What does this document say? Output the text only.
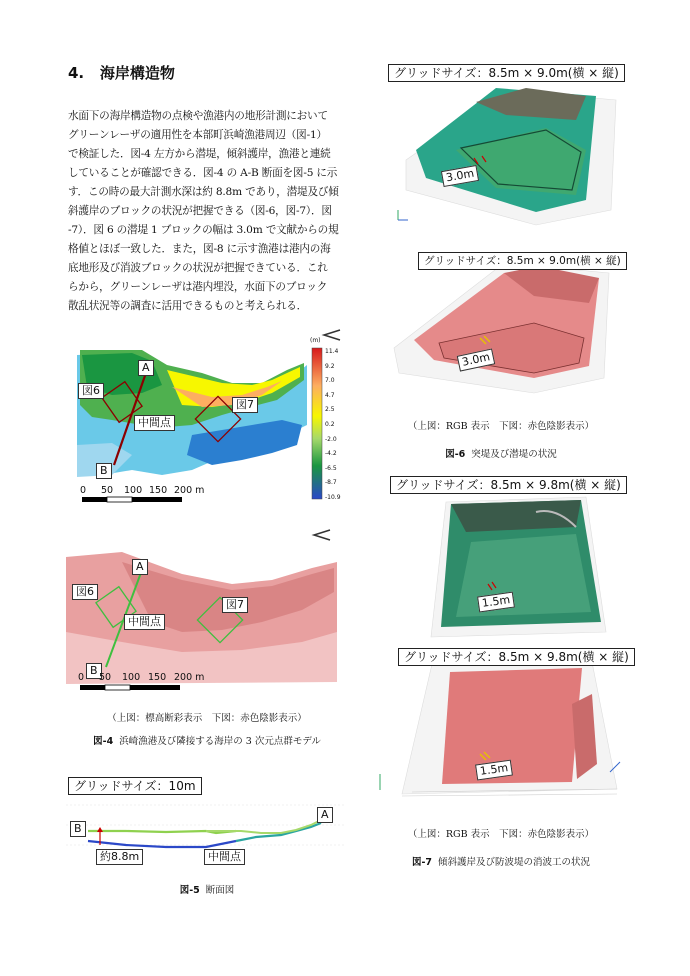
4. 海岸構造物
水面下の海岸構造物の点検や漁港内の地形計測において
グリーンレーザの適用性を本部町浜崎漁港周辺（図-1）
で検証した．図-4 左方から潜堤，傾斜護岸，漁港と連続
していることが確認できる．図-4 の A-B 断面を図-5 に示
す．この時の最大計測水深は約 8.8m であり，潜堤及び傾
斜護岸のブロックの状況が把握できる（図-6，図-7）．図
-7）．図 6 の潜堤 1 ブロックの幅は 3.0m で文献からの規
格値とほぼ一致した．また，図-8 に示す漁港は港内の海
底地形及び消波ブロックの状況が把握できている．これ
らから，グリーンレーザは港内埋没，水面下のブロック
散乱状況等の調査に活用できるものと考えられる．
A
B
図6
図7
中間点
(m)
11.4
9.2
7.0
4.7
2.5
0.2
-2.0
-4.2
-6.5
-8.7
-10.9
0 50 100 150 200 m
A
B
図6
図7
中間点
0 50 100 150 200 m
（上図：標高断彩表示　下図：赤色陰影表示）
図-4 浜崎漁港及び隣接する海岸の 3 次元点群モデル
グリッドサイズ：10m
B
A
約8.8m	中間点
図-5 断面図
グリッドサイズ：8.5m × 9.0m(横 × 縦)
3.0m
グリッドサイズ：8.5m × 9.0m(横 × 縦)
3.0m
（上図：RGB 表示　下図：赤色陰影表示）
図-6 突堤及び潜堤の状況
グリッドサイズ：8.5m × 9.8m(横 × 縦)
1.5m
グリッドサイズ：8.5m × 9.8m(横 × 縦)
1.5m
（上図：RGB 表示　下図：赤色陰影表示）
図-7 傾斜護岸及び防波堤の消波工の状況
